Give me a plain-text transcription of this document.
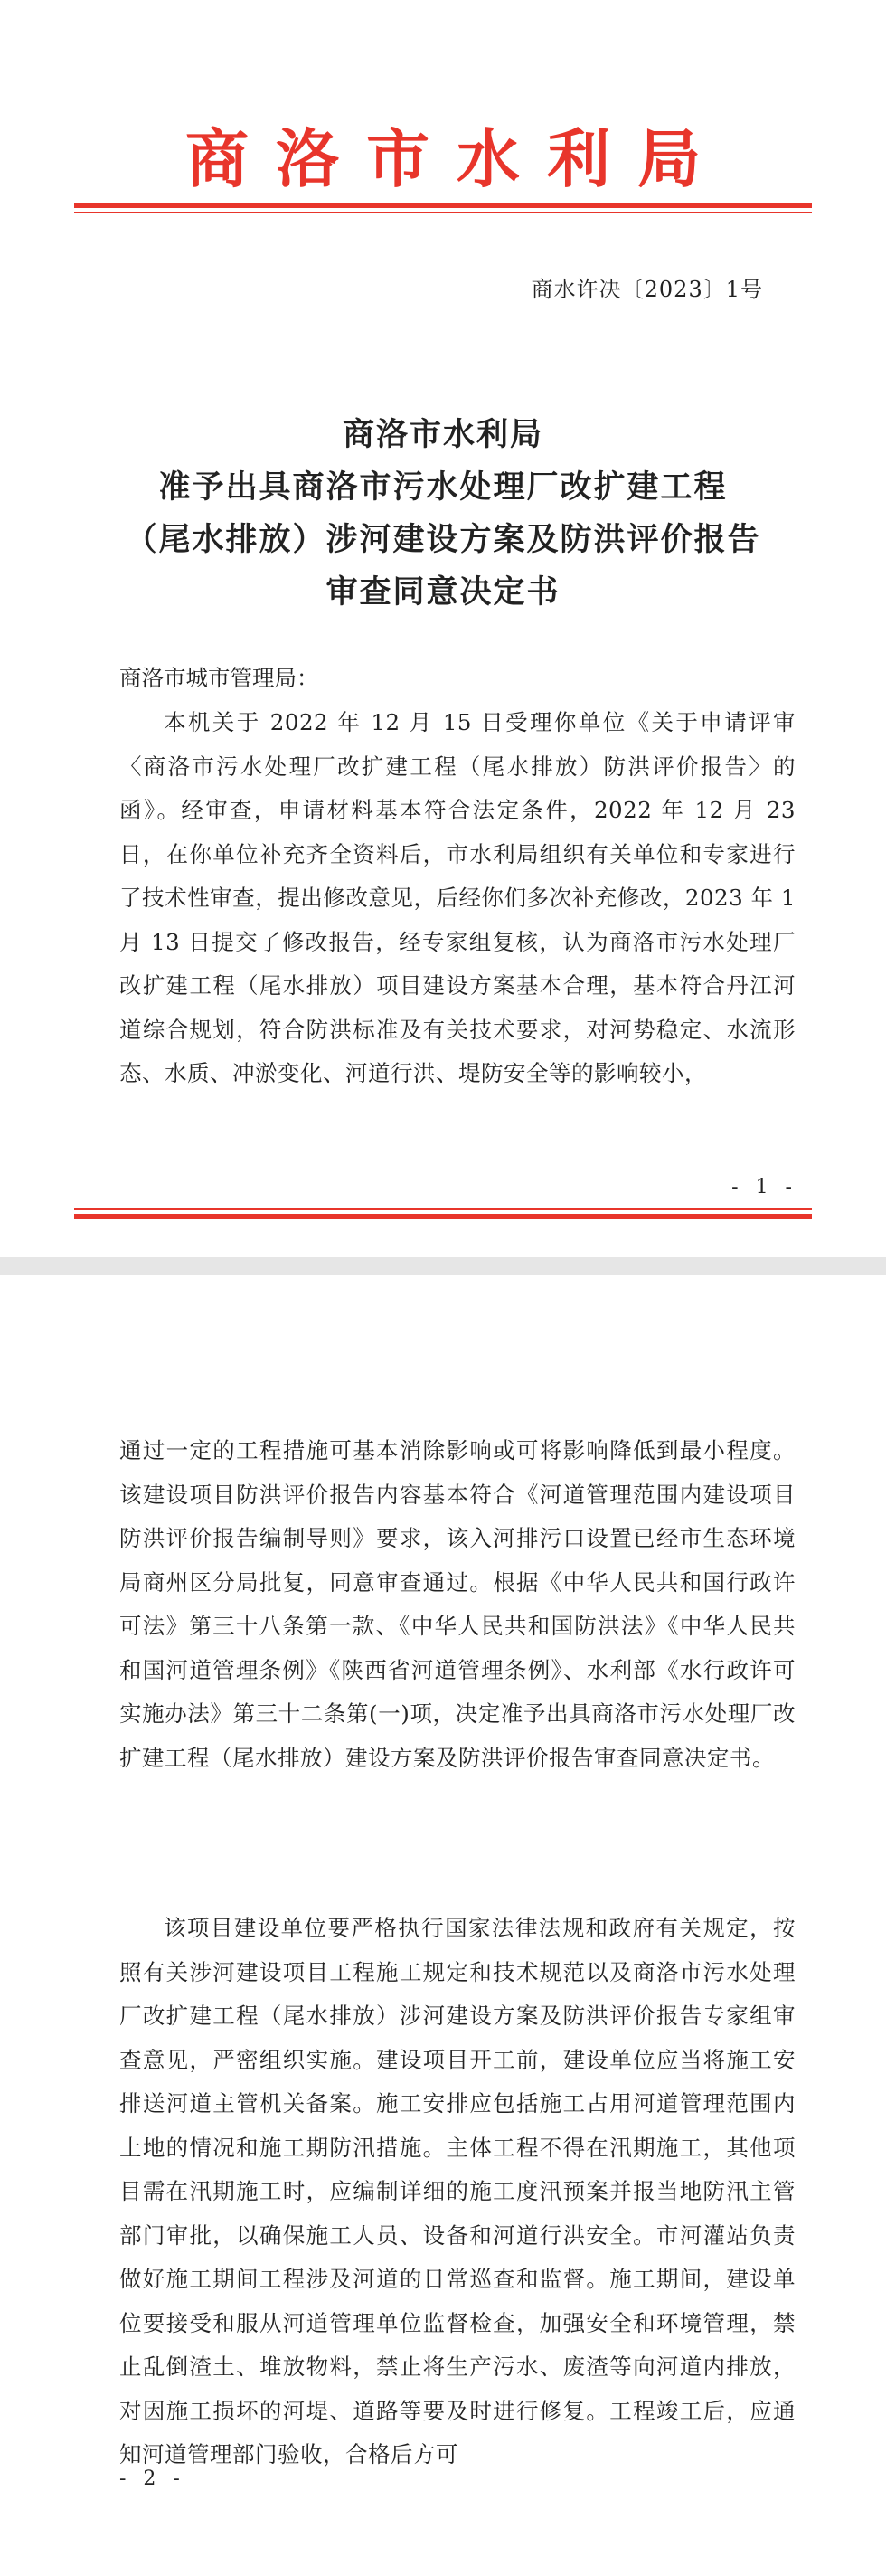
商洛市水利局
商水许决〔2023〕1号
商洛市水利局
准予出具商洛市污水处理厂改扩建工程
（尾水排放）涉河建设方案及防洪评价报告
审查同意决定书
商洛市城市管理局：
本机关于 2022 年 12 月 15 日受理你单位《关于申请评审〈商洛市污水处理厂改扩建工程（尾水排放）防洪评价报告〉的函》。经审查，申请材料基本符合法定条件，2022 年 12 月 23 日，在你单位补充齐全资料后，市水利局组织有关单位和专家进行了技术性审查，提出修改意见，后经你们多次补充修改，2023 年 1 月 13 日提交了修改报告，经专家组复核，认为商洛市污水处理厂改扩建工程（尾水排放）项目建设方案基本合理，基本符合丹江河道综合规划，符合防洪标准及有关技术要求，对河势稳定、水流形态、水质、冲淤变化、河道行洪、堤防安全等的影响较小，
- 1 -
通过一定的工程措施可基本消除影响或可将影响降低到最小程度。该建设项目防洪评价报告内容基本符合《河道管理范围内建设项目防洪评价报告编制导则》要求，该入河排污口设置已经市生态环境局商州区分局批复，同意审查通过。根据《中华人民共和国行政许可法》第三十八条第一款、《中华人民共和国防洪法》《中华人民共和国河道管理条例》《陕西省河道管理条例》、水利部《水行政许可实施办法》第三十二条第(一)项，决定准予出具商洛市污水处理厂改扩建工程（尾水排放）建设方案及防洪评价报告审查同意决定书。
该项目建设单位要严格执行国家法律法规和政府有关规定，按照有关涉河建设项目工程施工规定和技术规范以及商洛市污水处理厂改扩建工程（尾水排放）涉河建设方案及防洪评价报告专家组审查意见，严密组织实施。建设项目开工前，建设单位应当将施工安排送河道主管机关备案。施工安排应包括施工占用河道管理范围内土地的情况和施工期防汛措施。主体工程不得在汛期施工，其他项目需在汛期施工时，应编制详细的施工度汛预案并报当地防汛主管部门审批，以确保施工人员、设备和河道行洪安全。市河灌站负责做好施工期间工程涉及河道的日常巡查和监督。施工期间，建设单位要接受和服从河道管理单位监督检查，加强安全和环境管理，禁止乱倒渣土、堆放物料，禁止将生产污水、废渣等向河道内排放，对因施工损坏的河堤、道路等要及时进行修复。工程竣工后，应通知河道管理部门验收，合格后方可
- 2 -
